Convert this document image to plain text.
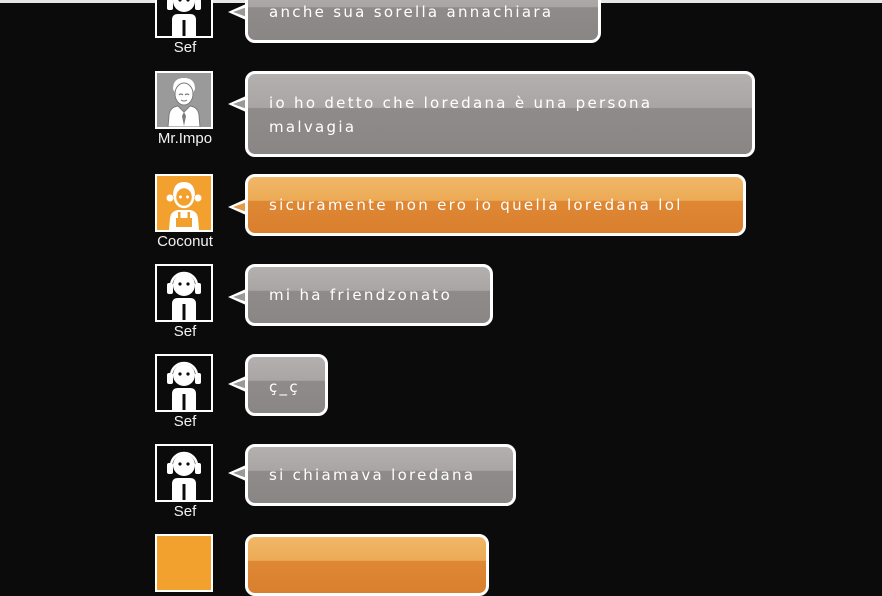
Sef
anche sua sorella annachiara
Mr.Impo
io ho detto che loredana è una persona malvagia
Coconut
sicuramente non ero io quella loredana lol
Sef
mi ha friendzonato
Sef
ç_ç
Sef
si chiamava loredana
